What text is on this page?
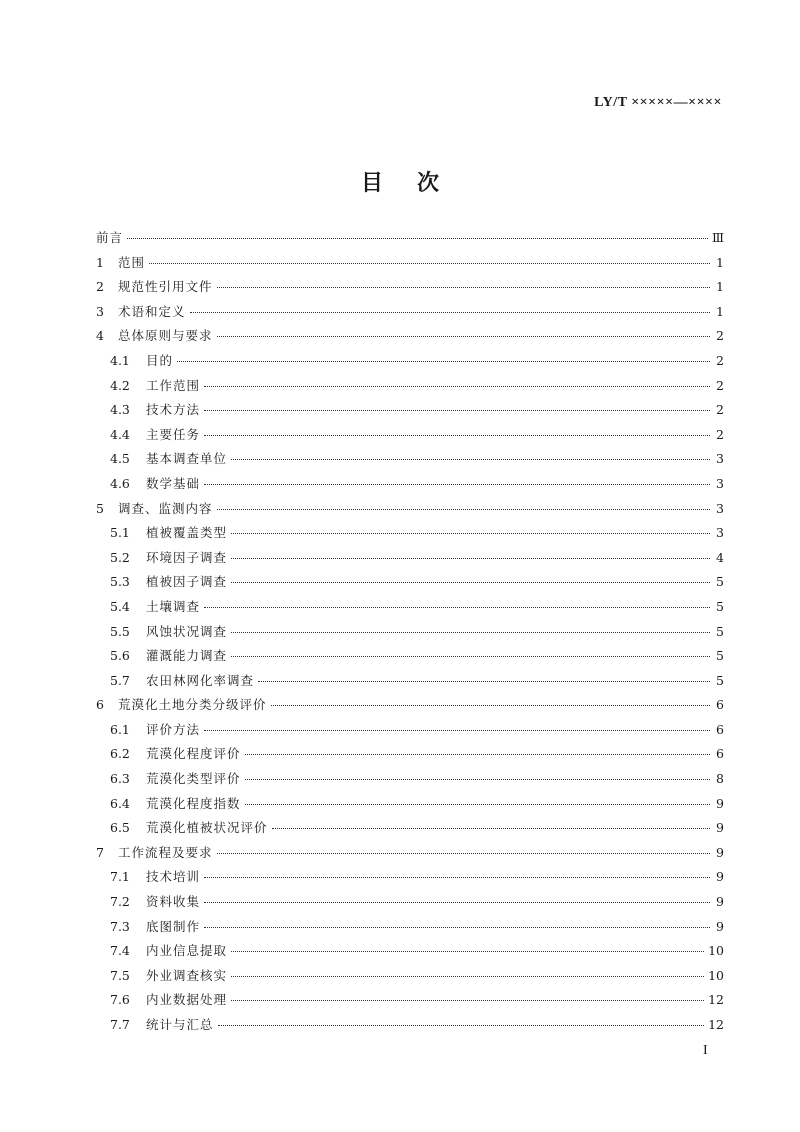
LY/T ×××××—××××
目次
前言	Ⅲ
1	范围	1
2	规范性引用文件	1
3	术语和定义	1
4	总体原则与要求	2
4.1	目的	2
4.2	工作范围	2
4.3	技术方法	2
4.4	主要任务	2
4.5	基本调查单位	3
4.6	数学基础	3
5	调查、监测内容	3
5.1	植被覆盖类型	3
5.2	环境因子调查	4
5.3	植被因子调查	5
5.4	土壤调查	5
5.5	风蚀状况调查	5
5.6	灌溉能力调查	5
5.7	农田林网化率调查	5
6	荒漠化土地分类分级评价	6
6.1	评价方法	6
6.2	荒漠化程度评价	6
6.3	荒漠化类型评价	8
6.4	荒漠化程度指数	9
6.5	荒漠化植被状况评价	9
7	工作流程及要求	9
7.1	技术培训	9
7.2	资料收集	9
7.3	底图制作	9
7.4	内业信息提取	10
7.5	外业调查核实	10
7.6	内业数据处理	12
7.7	统计与汇总	12
I
